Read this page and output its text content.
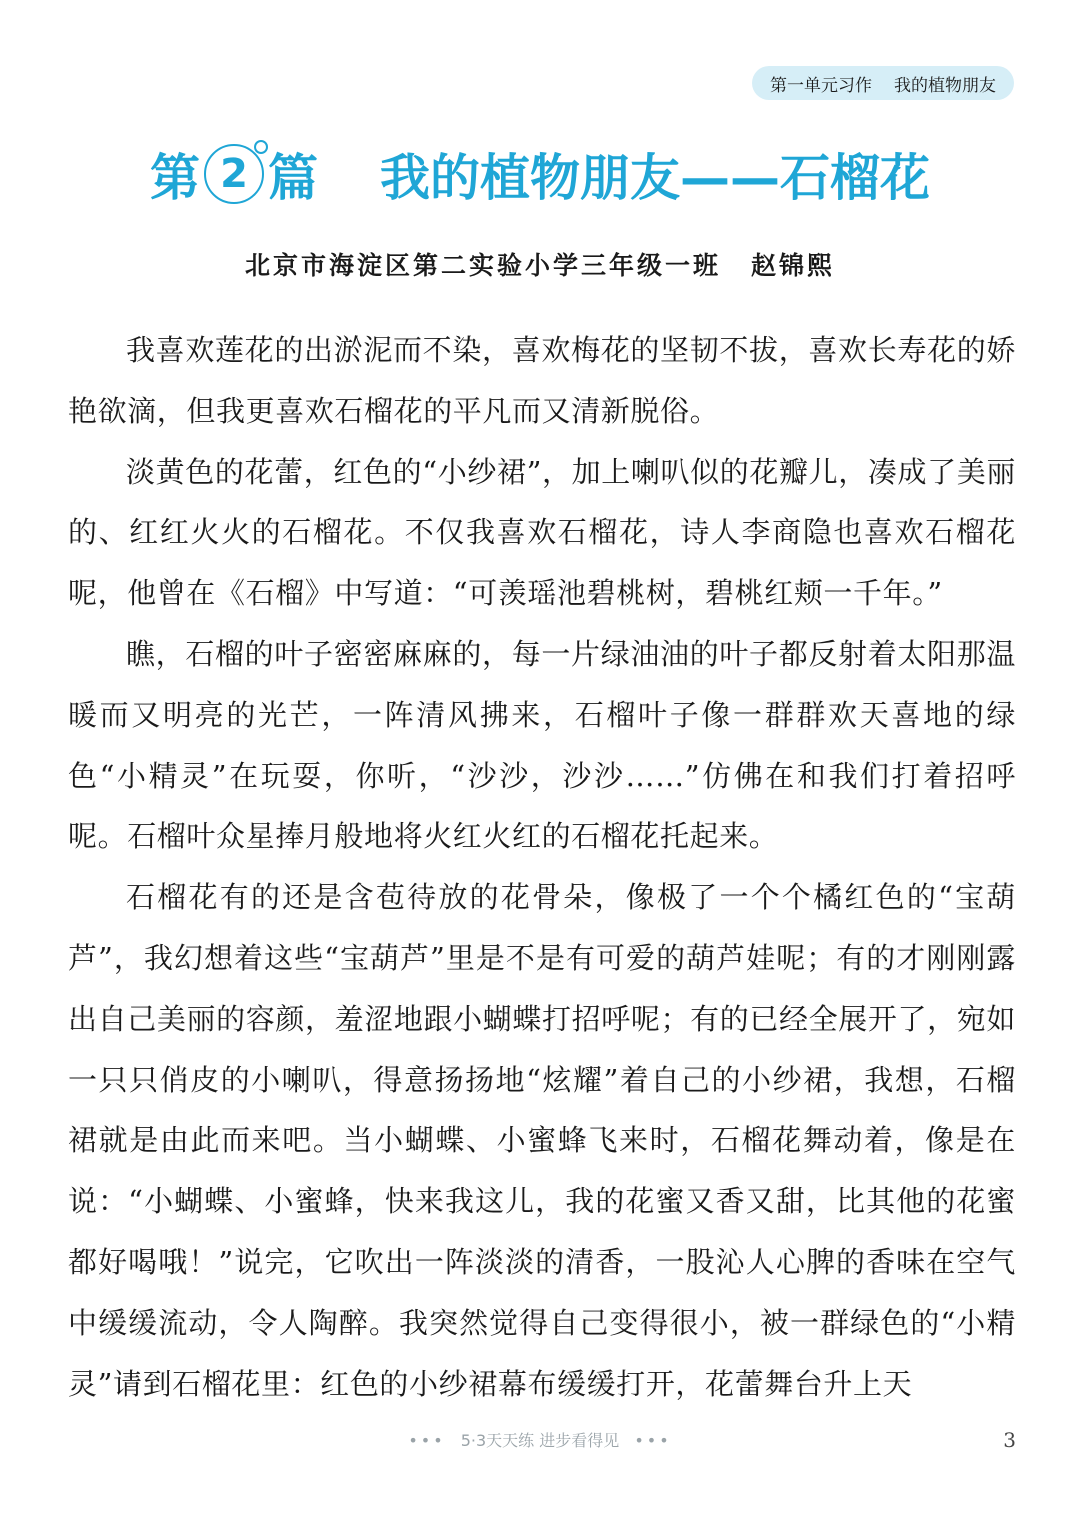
第一单元习作 我的植物朋友
第 2 篇 我的植物朋友——石榴花
北京市海淀区第二实验小学三年级一班 赵锦熙

我喜欢莲花的出淤泥而不染，喜欢梅花的坚韧不拔，喜欢长寿花的娇艳欲滴，但我更喜欢石榴花的平凡而又清新脱俗。

淡黄色的花蕾，红色的“小纱裙”，加上喇叭似的花瓣儿，凑成了美丽的、红红火火的石榴花。不仅我喜欢石榴花，诗人李商隐也喜欢石榴花呢，他曾在《石榴》中写道：“可羡瑶池碧桃树，碧桃红颊一千年。”

瞧，石榴的叶子密密麻麻的，每一片绿油油的叶子都反射着太阳那温暖而又明亮的光芒，一阵清风拂来，石榴叶子像一群群欢天喜地的绿色“小精灵”在玩耍，你听，“沙沙，沙沙……”仿佛在和我们打着招呼呢。石榴叶众星捧月般地将火红火红的石榴花托起来。

石榴花有的还是含苞待放的花骨朵，像极了一个个橘红色的“宝葫芦”，我幻想着这些“宝葫芦”里是不是有可爱的葫芦娃呢；有的才刚刚露出自己美丽的容颜，羞涩地跟小蝴蝶打招呼呢；有的已经全展开了，宛如一只只俏皮的小喇叭，得意扬扬地“炫耀”着自己的小纱裙，我想，石榴裙就是由此而来吧。当小蝴蝶、小蜜蜂飞来时，石榴花舞动着，像是在说：“小蝴蝶、小蜜蜂，快来我这儿，我的花蜜又香又甜，比其他的花蜜都好喝哦！”说完，它吹出一阵淡淡的清香，一股沁人心脾的香味在空气中缓缓流动，令人陶醉。我突然觉得自己变得很小，被一群绿色的“小精灵”请到石榴花里：红色的小纱裙幕布缓缓打开，花蕾舞台升上天

••• 5·3天天练 进步看得见 •••	3
